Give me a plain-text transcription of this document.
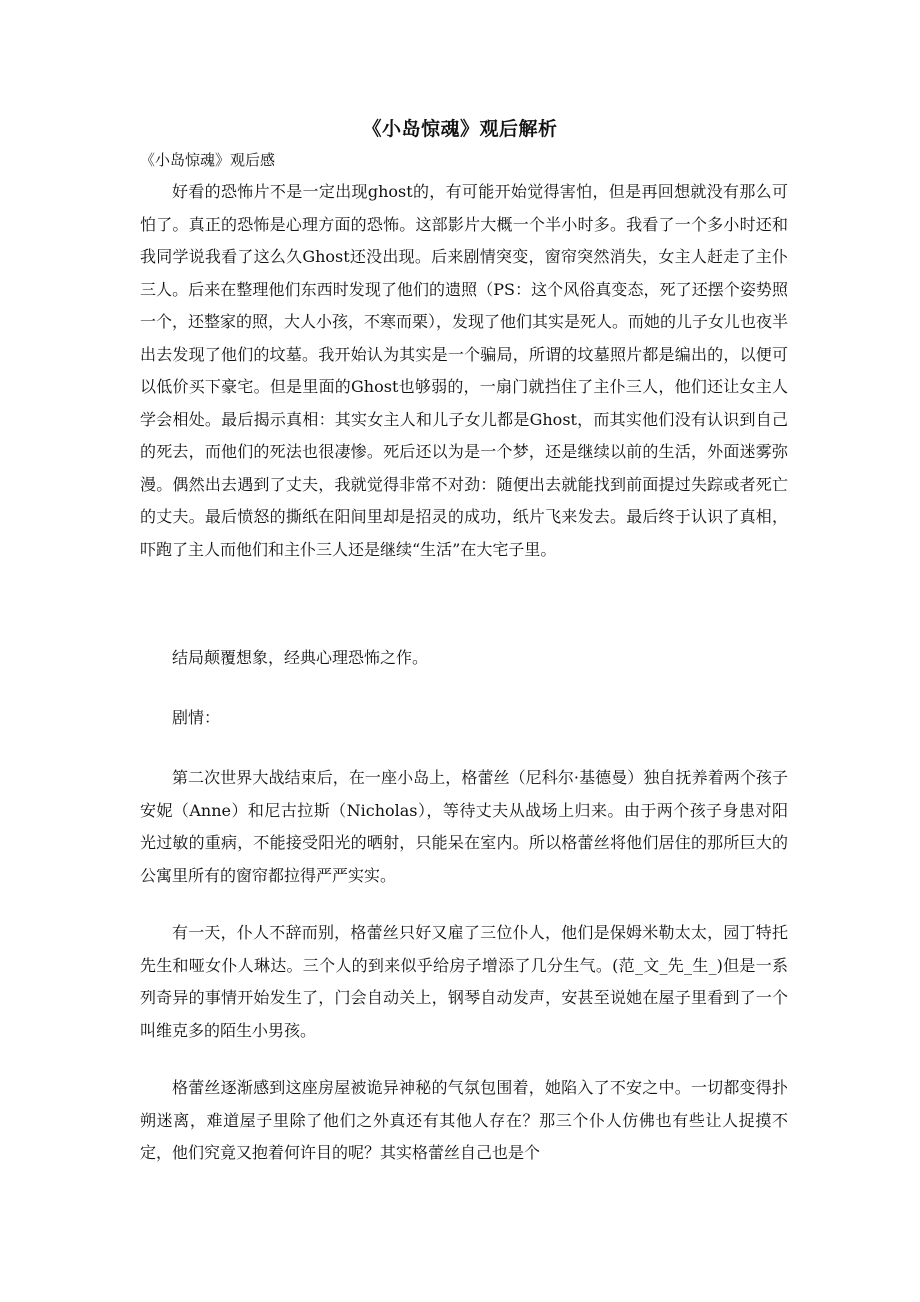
《小岛惊魂》观后解析
《小岛惊魂》观后感

好看的恐怖片不是一定出现ghost的，有可能开始觉得害怕，但是再回想就没有那么可怕了。真正的恐怖是心理方面的恐怖。这部影片大概一个半小时多。我看了一个多小时还和我同学说我看了这么久Ghost还没出现。后来剧情突变，窗帘突然消失，女主人赶走了主仆三人。后来在整理他们东西时发现了他们的遗照（PS：这个风俗真变态，死了还摆个姿势照一个，还整家的照，大人小孩，不寒而栗），发现了他们其实是死人。而她的儿子女儿也夜半出去发现了他们的坟墓。我开始认为其实是一个骗局，所谓的坟墓照片都是编出的，以便可以低价买下豪宅。但是里面的Ghost也够弱的，一扇门就挡住了主仆三人，他们还让女主人学会相处。最后揭示真相：其实女主人和儿子女儿都是Ghost，而其实他们没有认识到自己的死去，而他们的死法也很凄惨。死后还以为是一个梦，还是继续以前的生活，外面迷雾弥漫。偶然出去遇到了丈夫，我就觉得非常不对劲：随便出去就能找到前面提过失踪或者死亡的丈夫。最后愤怒的撕纸在阳间里却是招灵的成功，纸片飞来发去。最后终于认识了真相，吓跑了主人而他们和主仆三人还是继续“生活”在大宅子里。

结局颠覆想象，经典心理恐怖之作。

剧情：

第二次世界大战结束后，在一座小岛上，格蕾丝（尼科尔·基德曼）独自抚养着两个孩子安妮（Anne）和尼古拉斯（Nicholas），等待丈夫从战场上归来。由于两个孩子身患对阳光过敏的重病，不能接受阳光的晒射，只能呆在室内。所以格蕾丝将他们居住的那所巨大的公寓里所有的窗帘都拉得严严实实。

有一天，仆人不辞而别，格蕾丝只好又雇了三位仆人，他们是保姆米勒太太，园丁特托先生和哑女仆人琳达。三个人的到来似乎给房子增添了几分生气。(范_文_先_生_)但是一系列奇异的事情开始发生了，门会自动关上，钢琴自动发声，安甚至说她在屋子里看到了一个叫维克多的陌生小男孩。

格蕾丝逐渐感到这座房屋被诡异神秘的气氛包围着，她陷入了不安之中。一切都变得扑朔迷离，难道屋子里除了他们之外真还有其他人存在？那三个仆人仿佛也有些让人捉摸不定，他们究竟又抱着何许目的呢？其实格蕾丝自己也是个
